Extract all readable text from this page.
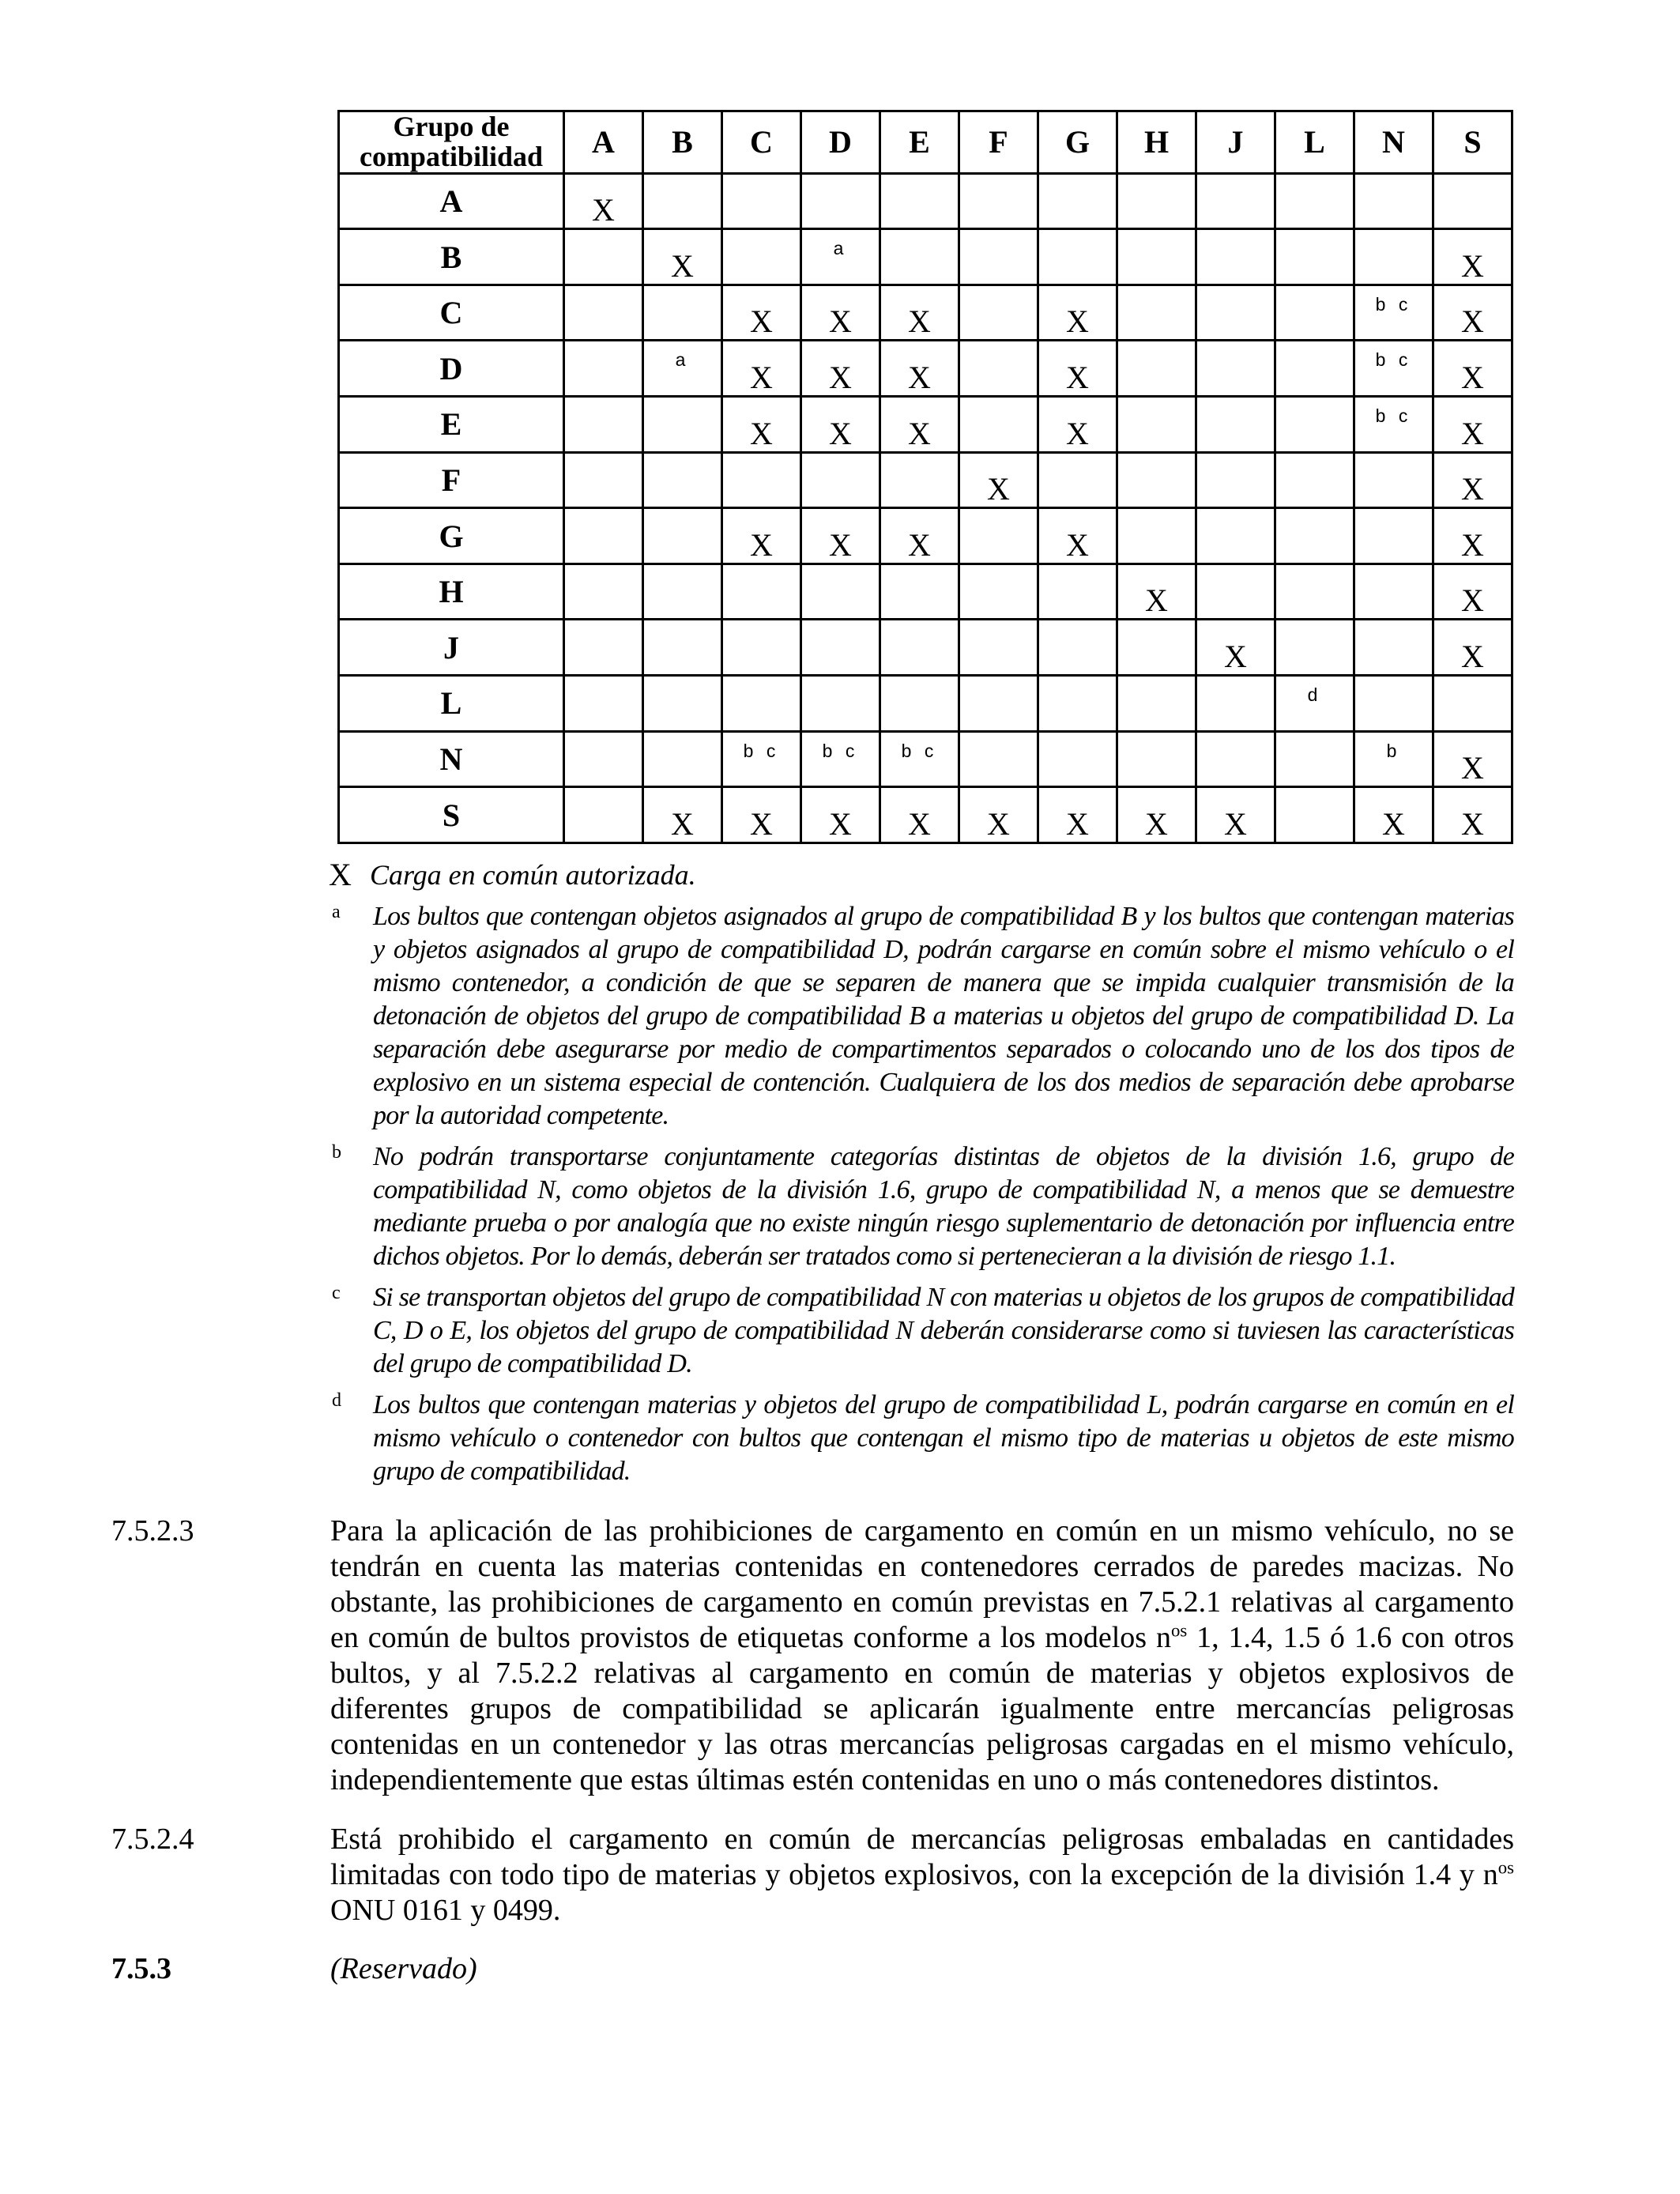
Grupo de
compatibilidad	A	B	C	D	E	F	G	H	J	L	N	S
A	X											

B		X		a								X

C			X	X	X		X				b c	X

D		a	X	X	X		X				b c	X

E			X	X	X		X				b c	X

F						X						X

G			X	X	X		X					X

H								X				X

J									X			X

L										d		

N			b c	b c	b c						b	X

S		X	X	X	X	X	X	X	X		X	X
X Carga en común autorizada.
a	Los bultos que contengan objetos asignados al grupo de compatibilidad B y los bultos que contengan materias y objetos asignados al grupo de compatibilidad D, podrán cargarse en común sobre el mismo vehículo o el mismo contenedor, a condición de que se separen de manera que se impida cualquier transmisión de la detonación de objetos del grupo de compatibilidad B a materias u objetos del grupo de compatibilidad D. La separación debe asegurarse por medio de compartimentos separados o colocando uno de los dos tipos de explosivo en un sistema especial de contención. Cualquiera de los dos medios de separación debe aprobarse por la autoridad competente.
b	No podrán transportarse conjuntamente categorías distintas de objetos de la división 1.6, grupo de compatibilidad N, como objetos de la división 1.6, grupo de compatibilidad N, a menos que se demuestre mediante prueba o por analogía que no existe ningún riesgo suplementario de detonación por influencia entre dichos objetos. Por lo demás, deberán ser tratados como si pertenecieran a la división de riesgo 1.1.
c	Si se transportan objetos del grupo de compatibilidad N con materias u objetos de los grupos de compatibilidad C, D o E, los objetos del grupo de compatibilidad N deberán considerarse como si tuviesen las características del grupo de compatibilidad D.
d	Los bultos que contengan materias y objetos del grupo de compatibilidad L, podrán cargarse en común en el mismo vehículo o contenedor con bultos que contengan el mismo tipo de materias u objetos de este mismo grupo de compatibilidad.
7.5.2.3	Para la aplicación de las prohibiciones de cargamento en común en un mismo vehículo, no se tendrán en cuenta las materias contenidas en contenedores cerrados de paredes macizas. No obstante, las prohibiciones de cargamento en común previstas en 7.5.2.1 relativas al cargamento en común de bultos provistos de etiquetas conforme a los modelos $n^{os}$ 1, 1.4, 1.5 ó 1.6 con otros bultos, y al 7.5.2.2 relativas al cargamento en común de materias y objetos explosivos de diferentes grupos de compatibilidad se aplicarán igualmente entre mercancías peligrosas contenidas en un contenedor y las otras mercancías peligrosas cargadas en el mismo vehículo, independientemente que estas últimas estén contenidas en uno o más contenedores distintos.
7.5.2.4	Está prohibido el cargamento en común de mercancías peligrosas embaladas en cantidades limitadas con todo tipo de materias y objetos explosivos, con la excepción de la división 1.4 y $n^{os}$ ONU 0161 y 0499.
7.5.3	(Reservado)
